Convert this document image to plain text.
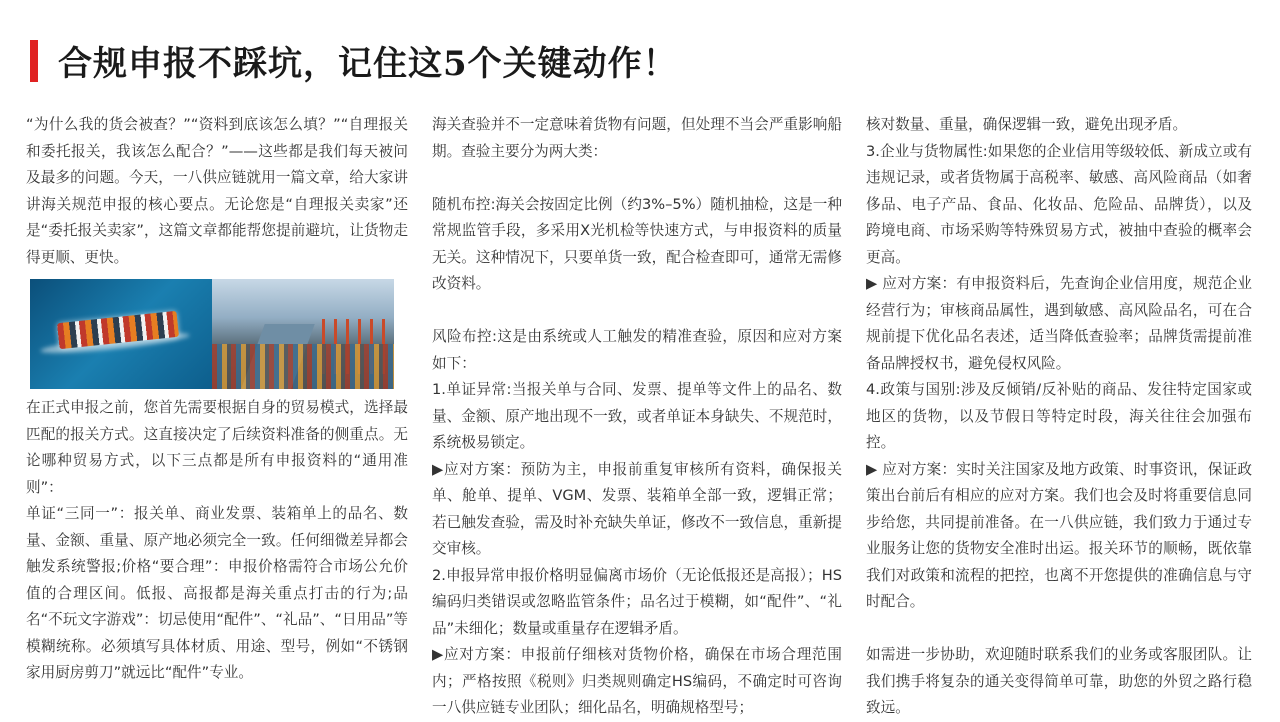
合规申报不踩坑，记住这5个关键动作！

“为什么我的货会被查？”“资料到底该怎么填？”“自理报关和委托报关，我该怎么配合？”——这些都是我们每天被问及最多的问题。今天，一八供应链就用一篇文章，给大家讲讲海关规范申报的核心要点。无论您是“自理报关卖家”还是“委托报关卖家”，这篇文章都能帮您提前避坑，让货物走得更顺、更快。

在正式申报之前，您首先需要根据自身的贸易模式，选择最匹配的报关方式。这直接决定了后续资料准备的侧重点。无论哪种贸易方式，以下三点都是所有申报资料的“通用准则”：

单证“三同一”：报关单、商业发票、装箱单上的品名、数量、金额、重量、原产地必须完全一致。任何细微差异都会触发系统警报;价格“要合理”：申报价格需符合市场公允价值的合理区间。低报、高报都是海关重点打击的行为;品名“不玩文字游戏”：切忌使用“配件”、“礼品”、“日用品”等模糊统称。必须填写具体材质、用途、型号，例如“不锈钢家用厨房剪刀”就远比“配件”专业。

海关查验并不一定意味着货物有问题，但处理不当会严重影响船期。查验主要分为两大类：

随机布控:海关会按固定比例（约3%–5%）随机抽检，这是一种常规监管手段，多采用X光机检等快速方式，与申报资料的质量无关。这种情况下，只要单货一致，配合检查即可，通常无需修改资料。

风险布控:这是由系统或人工触发的精准查验，原因和应对方案如下：

1.单证异常:当报关单与合同、发票、提单等文件上的品名、数量、金额、原产地出现不一致，或者单证本身缺失、不规范时，系统极易锁定。

▶应对方案：预防为主，申报前重复审核所有资料，确保报关单、舱单、提单、VGM、发票、装箱单全部一致，逻辑正常；若已触发查验，需及时补充缺失单证，修改不一致信息，重新提交审核。

2.申报异常申报价格明显偏离市场价（无论低报还是高报）；HS编码归类错误或忽略监管条件；品名过于模糊，如“配件”、“礼品”未细化；数量或重量存在逻辑矛盾。

▶应对方案：申报前仔细核对货物价格，确保在市场合理范围内；严格按照《税则》归类规则确定HS编码，不确定时可咨询一八供应链专业团队；细化品名，明确规格型号；

核对数量、重量，确保逻辑一致，避免出现矛盾。

3.企业与货物属性:如果您的企业信用等级较低、新成立或有违规记录，或者货物属于高税率、敏感、高风险商品（如奢侈品、电子产品、食品、化妆品、危险品、品牌货），以及跨境电商、市场采购等特殊贸易方式，被抽中查验的概率会更高。

▶ 应对方案：有申报资料后，先查询企业信用度，规范企业经营行为；审核商品属性，遇到敏感、高风险品名，可在合规前提下优化品名表述，适当降低查验率；品牌货需提前准备品牌授权书，避免侵权风险。

4.政策与国别:涉及反倾销/反补贴的商品、发往特定国家或地区的货物，以及节假日等特定时段，海关往往会加强布控。

▶ 应对方案：实时关注国家及地方政策、时事资讯，保证政策出台前后有相应的应对方案。我们也会及时将重要信息同步给您，共同提前准备。在一八供应链，我们致力于通过专业服务让您的货物安全准时出运。报关环节的顺畅，既依靠我们对政策和流程的把控，也离不开您提供的准确信息与守时配合。

如需进一步协助，欢迎随时联系我们的业务或客服团队。让我们携手将复杂的通关变得简单可靠，助您的外贸之路行稳致远。
